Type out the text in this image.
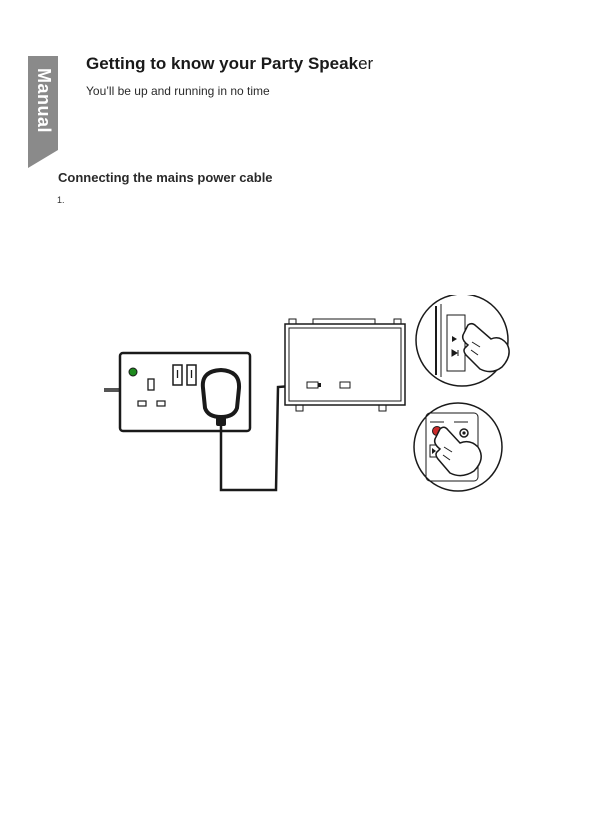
Manual
Getting to know your Party Speaker

You’ll be up and running in no time

Connecting the mains power cable
1.
